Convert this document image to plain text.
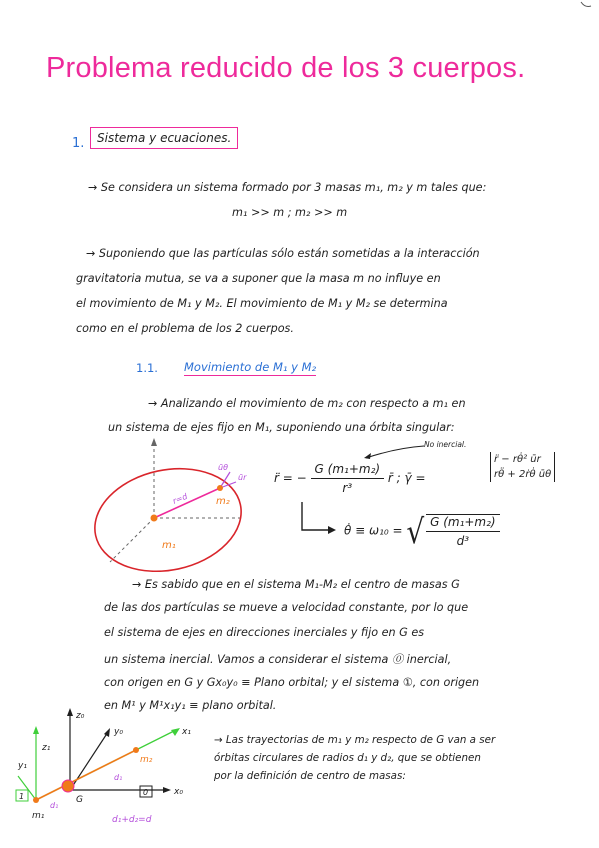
Problema reducido de los 3 cuerpos.
1.	Sistema y ecuaciones.
→ Se considera un sistema formado por 3 masas m₁, m₂ y m tales que:
m₁ >> m ; m₂ >> m
→ Suponiendo que las partículas sólo están sometidas a la interacción
gravitatoria mutua, se va a suponer que la masa m no influye en
el movimiento de M₁ y M₂. El movimiento de M₁ y M₂ se determina
como en el problema de los 2 cuerpos.
1.1. Movimiento de M₁ y M₂
→ Analizando el movimiento de m₂ con respecto a m₁ en
un sistema de ejes fijo en M₁, suponiendo una órbita singular:
m₁
m₂
r=d
ūθ
ūr
No inercial.
r̈ = − $\frac{\text{G (m₁+m₂)}}{\text{r³}}$ r̄ ; γ̄ =
r̈ − rθ̇² ūr
rθ̈ + 2ṙθ̇ ūθ
θ̇ ≡ ω₁₀ = √ $\frac{\text{G (m₁+m₂)}}{\text{d³}}$
→ Es sabido que en el sistema M₁-M₂ el centro de masas G
de las dos partículas se mueve a velocidad constante, por lo que
el sistema de ejes en direcciones inerciales y fijo en G es
un sistema inercial. Vamos a considerar el sistema ⓪ inercial,
con origen en G y Gx₀y₀ ≡ Plano orbital; y el sistema ①, con origen
en M¹ y M¹x₁y₁ ≡ plano orbital.
z₀
y₀
x₀
0
z₁
y₁
x₁
1
m₂
m₁
G
d₁
d₁
d₁+d₂=d
→ Las trayectorias de m₁ y m₂ respecto de G van a ser
órbitas circulares de radios d₁ y d₂, que se obtienen
por la definición de centro de masas:
